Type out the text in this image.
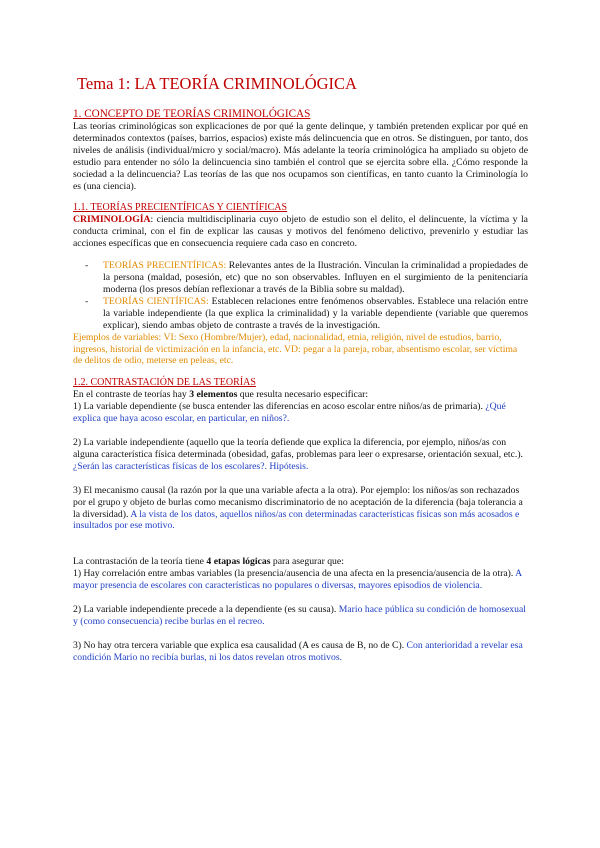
Tema 1: LA TEORÍA CRIMINOLÓGICA
1. CONCEPTO DE TEORÍAS CRIMINOLÓGICAS

Las teorías criminológicas son explicaciones de por qué la gente delinque, y también pretenden explicar por qué en determinados contextos (países, barrios, espacios) existe más delincuencia que en otros. Se distinguen, por tanto, dos niveles de análisis (individual/micro y social/macro). Más adelante la teoría criminológica ha ampliado su objeto de estudio para entender no sólo la delincuencia sino también el control que se ejercita sobre ella. ¿Cómo responde la sociedad a la delincuencia? Las teorías de las que nos ocupamos son científicas, en tanto cuanto la Criminología lo es (una ciencia).

1.1. TEORÍAS PRECIENTÍFICAS Y CIENTÍFICAS

CRIMINOLOGÍA: ciencia multidisciplinaria cuyo objeto de estudio son el delito, el delincuente, la víctima y la conducta criminal, con el fin de explicar las causas y motivos del fenómeno delictivo, prevenirlo y estudiar las acciones específicas que en consecuencia requiere cada caso en concreto.

- TEORÍAS PRECIENTÍFICAS: Relevantes antes de la Ilustración. Vinculan la criminalidad a propiedades de la persona (maldad, posesión, etc) que no son observables. Influyen en el surgimiento de la penitenciaría moderna (los presos debían reflexionar a través de la Biblia sobre su maldad).
- TEORÍAS CIENTÍFICAS: Establecen relaciones entre fenómenos observables. Establece una relación entre la variable independiente (la que explica la criminalidad) y la variable dependiente (variable que queremos explicar), siendo ambas objeto de contraste a través de la investigación.

Ejemplos de variables: VI: Sexo (Hombre/Mujer), edad, nacionalidad, etnia, religión, nivel de estudios, barrio, ingresos, historial de victimización en la infancia, etc. VD: pegar a la pareja, robar, absentismo escolar, ser víctima de delitos de odio, meterse en peleas, etc.

1.2. CONTRASTACIÓN DE LAS TEORÍAS

En el contraste de teorías hay 3 elementos que resulta necesario especificar:

1) La variable dependiente (se busca entender las diferencias en acoso escolar entre niños/as de primaria). ¿Qué explica que haya acoso escolar, en particular, en niños?.

2) La variable independiente (aquello que la teoría defiende que explica la diferencia, por ejemplo, niños/as con alguna característica física determinada (obesidad, gafas, problemas para leer o expresarse, orientación sexual, etc.). ¿Serán las características físicas de los escolares?. Hipótesis.

3) El mecanismo causal (la razón por la que una variable afecta a la otra). Por ejemplo: los niños/as son rechazados por el grupo y objeto de burlas como mecanismo discriminatorio de no aceptación de la diferencia (baja tolerancia a la diversidad). A la vista de los datos, aquellos niños/as con determinadas características físicas son más acosados e insultados por ese motivo.

La contrastación de la teoría tiene 4 etapas lógicas para asegurar que:

1) Hay correlación entre ambas variables (la presencia/ausencia de una afecta en la presencia/ausencia de la otra). A mayor presencia de escolares con características no populares o diversas, mayores episodios de violencia.

2) La variable independiente precede a la dependiente (es su causa). Mario hace pública su condición de homosexual y (como consecuencia) recibe burlas en el recreo.

3) No hay otra tercera variable que explica esa causalidad (A es causa de B, no de C). Con anterioridad a revelar esa condición Mario no recibía burlas, ni los datos revelan otros motivos.
